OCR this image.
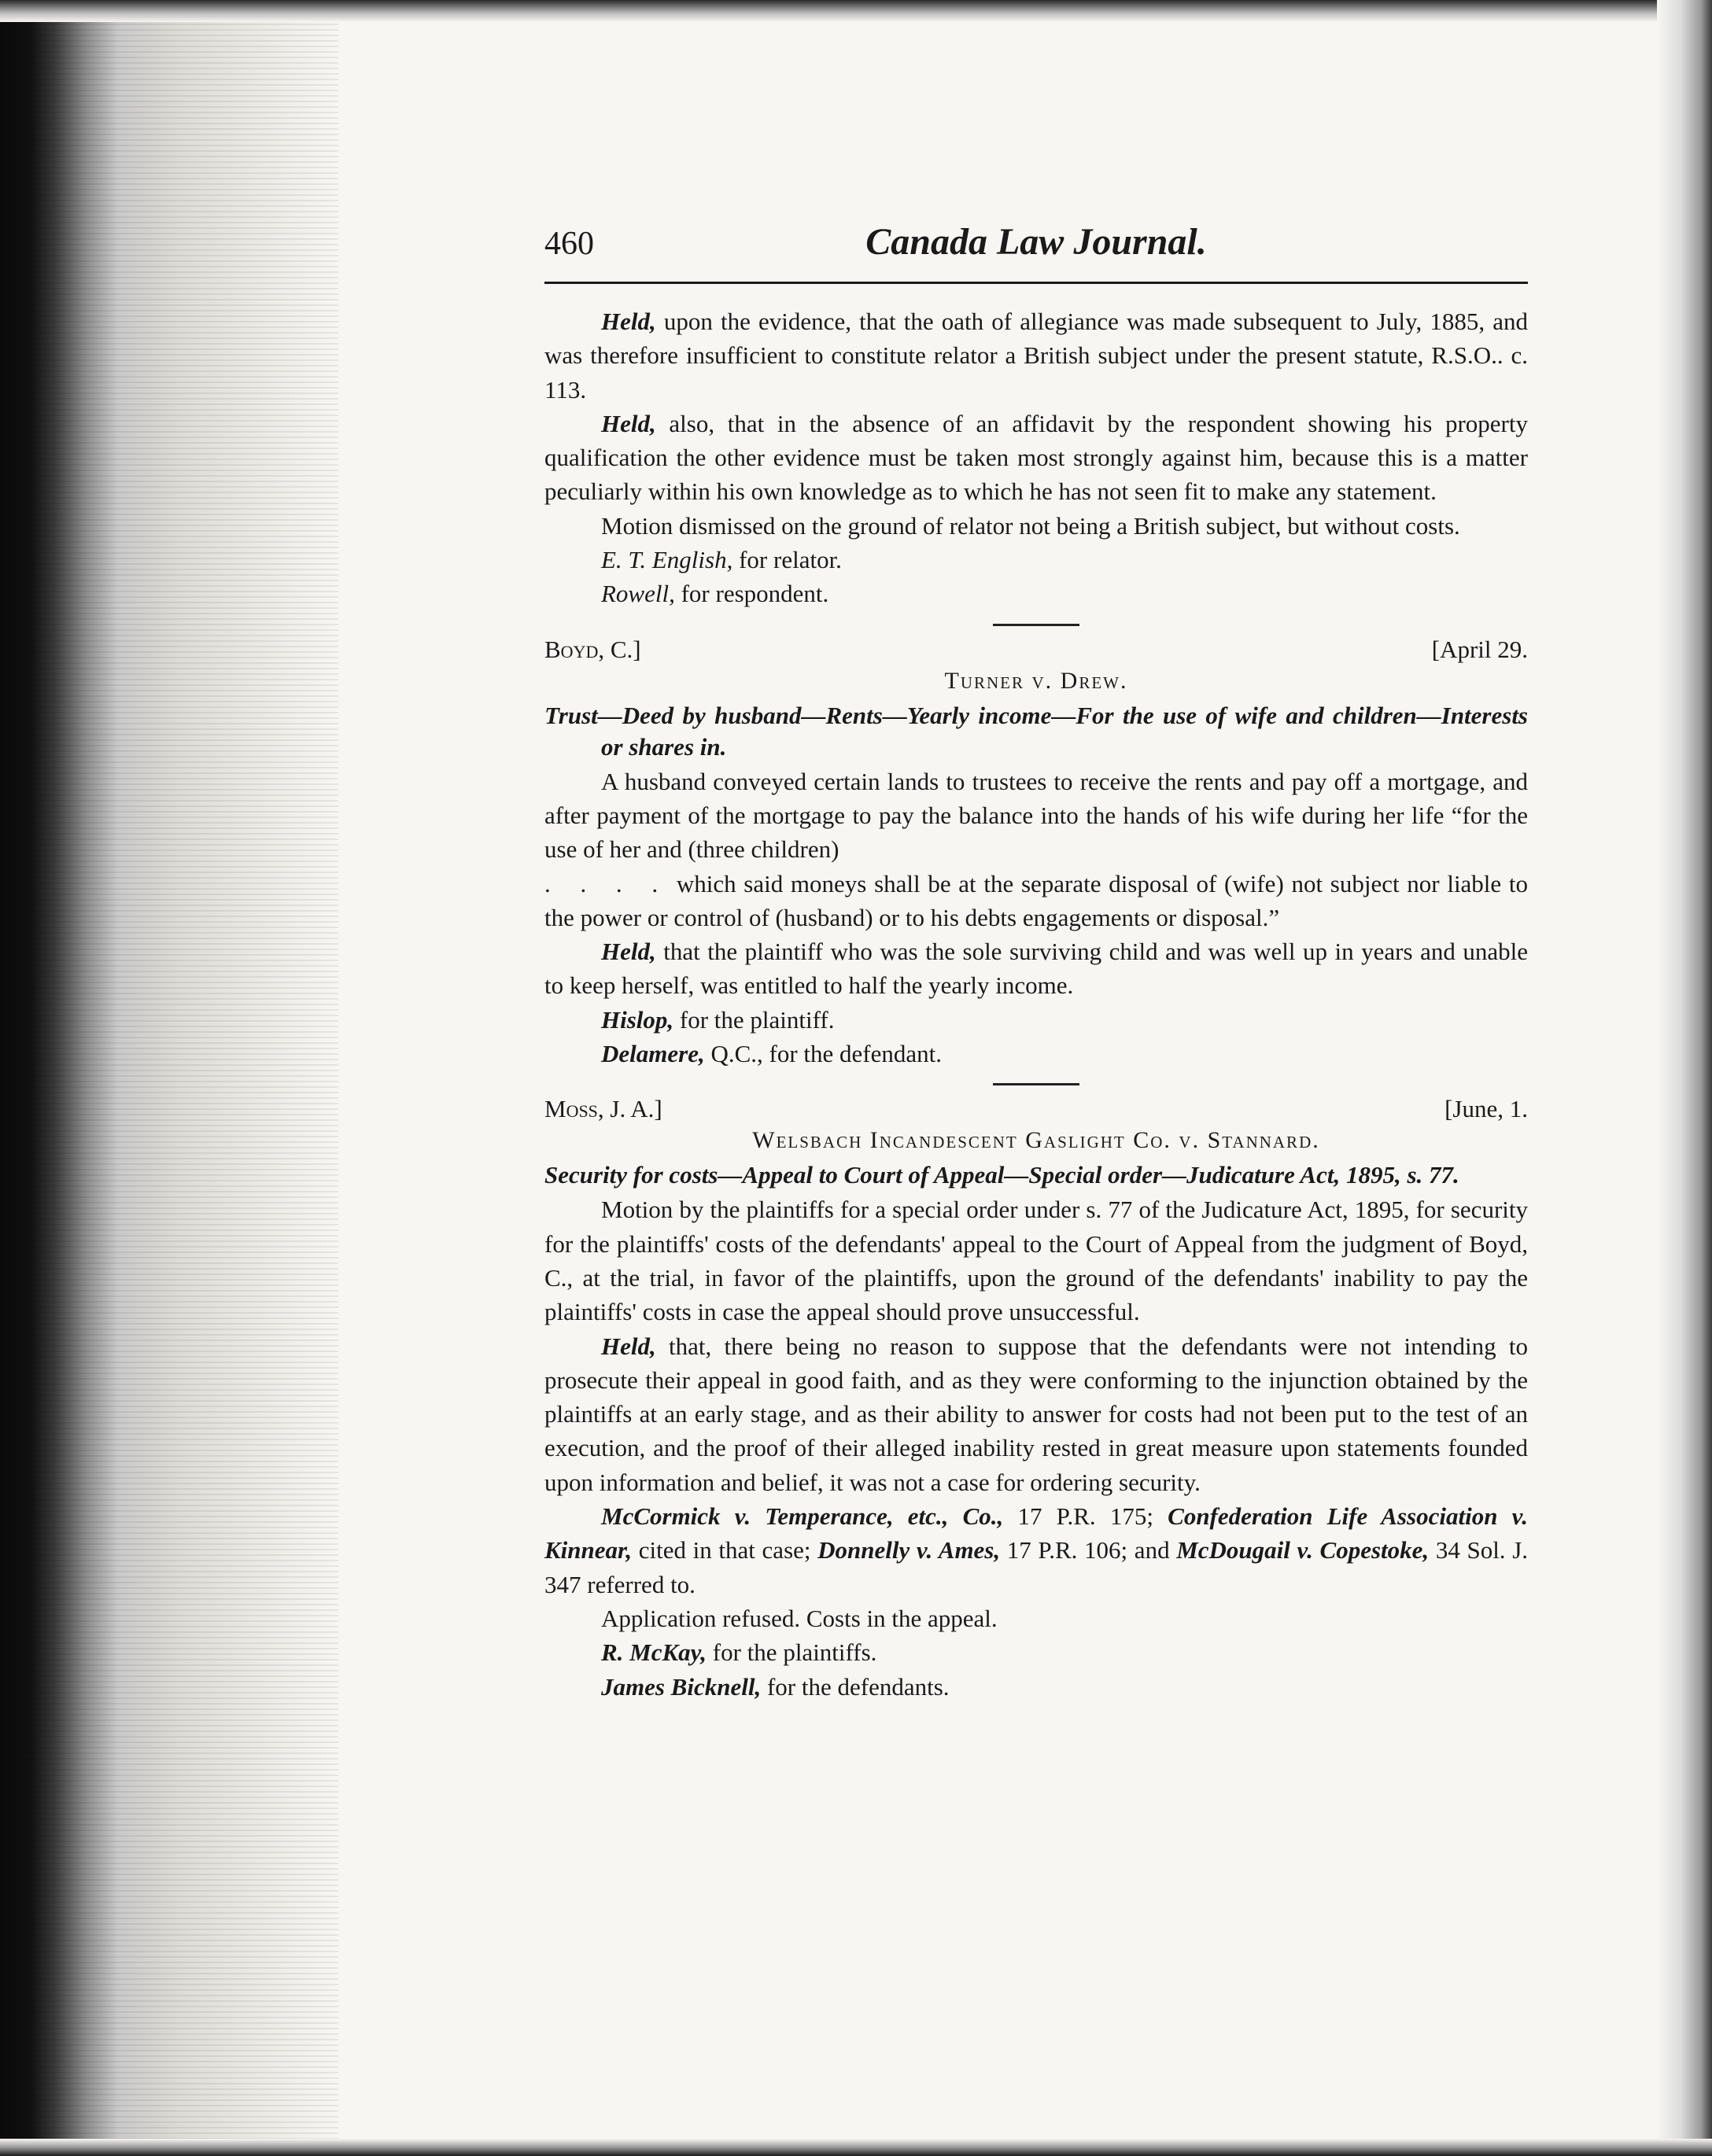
460	Canada Law Journal.

Held, upon the evidence, that the oath of allegiance was made subsequent to July, 1885, and was therefore insufficient to constitute relator a British subject under the present statute, R.S.O.. c. 113.

Held, also, that in the absence of an affidavit by the respondent showing his property qualification the other evidence must be taken most strongly against him, because this is a matter peculiarly within his own knowledge as to which he has not seen fit to make any statement.

Motion dismissed on the ground of relator not being a British subject, but without costs.

E. T. English, for relator.

Rowell, for respondent.

Boyd, C.]	[April 29.
Turner v. Drew.
Trust—Deed by husband—Rents—Yearly income—For the use of wife and children—Interests or shares in.

A husband conveyed certain lands to trustees to receive the rents and pay off a mortgage, and after payment of the mortgage to pay the balance into the hands of his wife during her life “for the use of her and (three children)
. . . . which said moneys shall be at the separate disposal of (wife) not subject nor liable to the power or control of (husband) or to his debts engagements or disposal.”

Held, that the plaintiff who was the sole surviving child and was well up in years and unable to keep herself, was entitled to half the yearly income.

Hislop, for the plaintiff.

Delamere, Q.C., for the defendant.

Moss, J. A.]	[June, 1.
Welsbach Incandescent Gaslight Co. v. Stannard.
Security for costs—Appeal to Court of Appeal—Special order—Judicature Act, 1895, s. 77.

Motion by the plaintiffs for a special order under s. 77 of the Judicature Act, 1895, for security for the plaintiffs' costs of the defendants' appeal to the Court of Appeal from the judgment of Boyd, C., at the trial, in favor of the plaintiffs, upon the ground of the defendants' inability to pay the plaintiffs' costs in case the appeal should prove unsuccessful.

Held, that, there being no reason to suppose that the defendants were not intending to prosecute their appeal in good faith, and as they were conforming to the injunction obtained by the plaintiffs at an early stage, and as their ability to answer for costs had not been put to the test of an execution, and the proof of their alleged inability rested in great measure upon statements founded upon information and belief, it was not a case for ordering security.

McCormick v. Temperance, etc., Co., 17 P.R. 175; Confederation Life Association v. Kinnear, cited in that case; Donnelly v. Ames, 17 P.R. 106; and McDougail v. Copestoke, 34 Sol. J. 347 referred to.

Application refused. Costs in the appeal.

R. McKay, for the plaintiffs.

James Bicknell, for the defendants.
